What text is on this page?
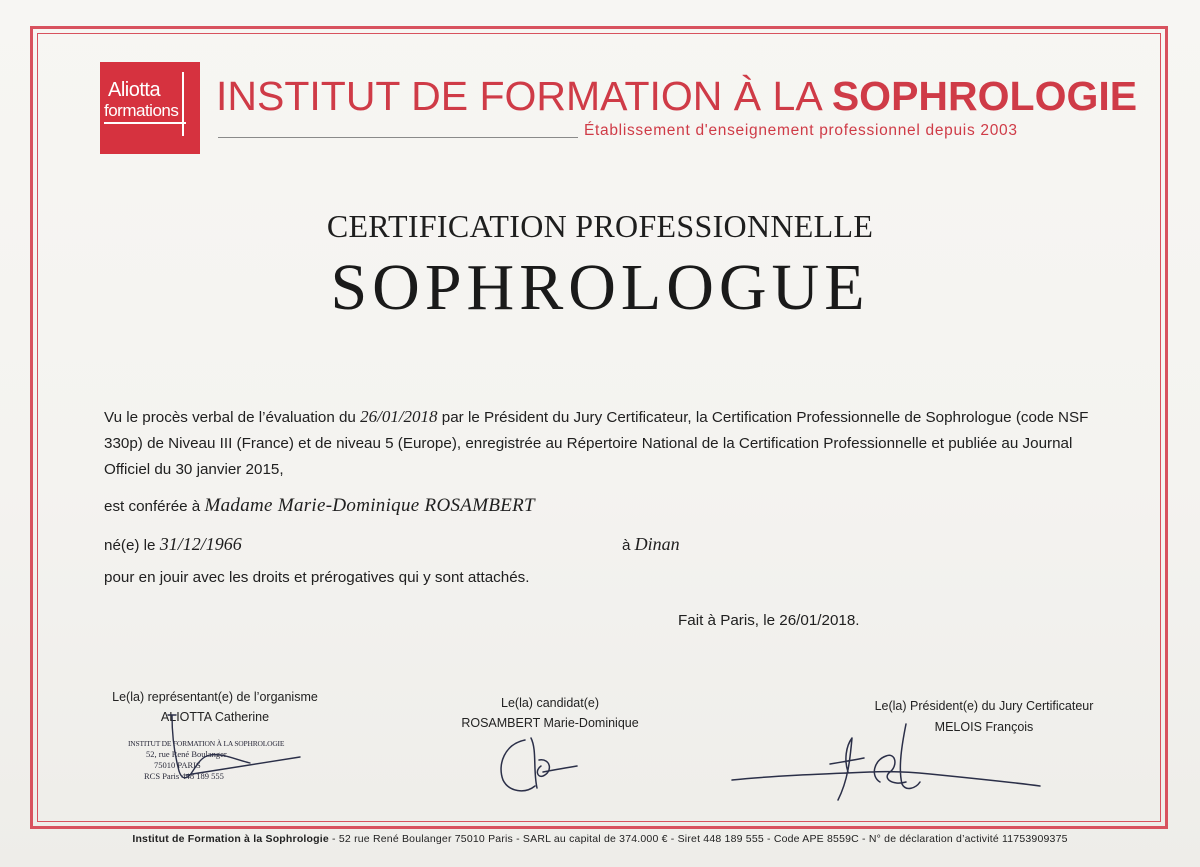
Aliotta
formations INSTITUT DE FORMATION À LA SOPHROLOGIE
Établissement d'enseignement professionnel depuis 2003
CERTIFICATION PROFESSIONNELLE
SOPHROLOGUE
Vu le procès verbal de l’évaluation du 26/01/2018 par le Président du Jury Certificateur, la Certification Professionnelle de Sophrologue (code NSF 330p) de Niveau III (France) et de niveau 5 (Europe), enregistrée au Répertoire National de la Certification Professionnelle et publiée au Journal Officiel du 30 janvier 2015,
est conférée à Madame Marie-Dominique ROSAMBERT
né(e) le 31/12/1966	à Dinan
pour en jouir avec les droits et prérogatives qui y sont attachés.
Fait à Paris, le 26/01/2018.
Le(la) représentant(e) de l’organisme
ALIOTTA Catherine
Le(la) candidat(e)
ROSAMBERT Marie-Dominique
Le(la) Président(e) du Jury Certificateur
MELOIS François
INSTITUT DE FORMATION À LA SOPHROLOGIE
52, rue René Boulanger
75010 PARIS
RCS Paris 448 189 555
Institut de Formation à la Sophrologie - 52 rue René Boulanger 75010 Paris - SARL au capital de 374.000 € - Siret 448 189 555 - Code APE 8559C - N° de déclaration d’activité 11753909375
